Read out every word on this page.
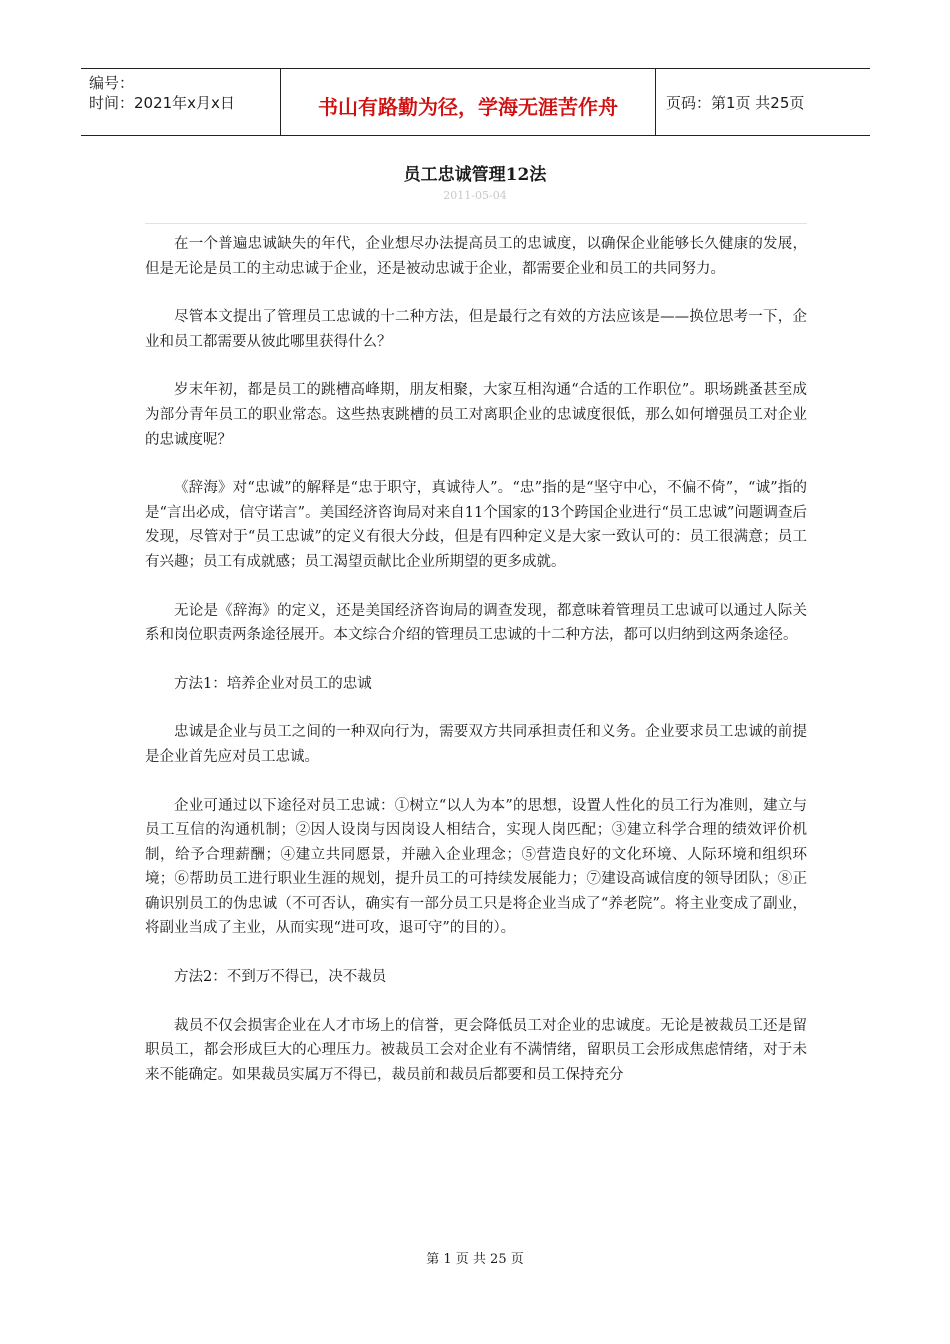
编号：
时间：2021年x月x日	书山有路勤为径，学海无涯苦作舟	页码：第1页 共25页
员工忠诚管理12法
2011-05-04

在一个普遍忠诚缺失的年代，企业想尽办法提高员工的忠诚度，以确保企业能够长久健康的发展，但是无论是员工的主动忠诚于企业，还是被动忠诚于企业，都需要企业和员工的共同努力。

尽管本文提出了管理员工忠诚的十二种方法，但是最行之有效的方法应该是——换位思考一下，企业和员工都需要从彼此哪里获得什么？

岁末年初，都是员工的跳槽高峰期，朋友相聚，大家互相沟通“合适的工作职位”。职场跳蚤甚至成为部分青年员工的职业常态。这些热衷跳槽的员工对离职企业的忠诚度很低，那么如何增强员工对企业的忠诚度呢？

《辞海》对“忠诚”的解释是“忠于职守，真诚待人”。“忠”指的是“坚守中心，不偏不倚”，“诚”指的是“言出必成，信守诺言”。美国经济咨询局对来自11个国家的13个跨国企业进行“员工忠诚”问题调查后发现，尽管对于“员工忠诚”的定义有很大分歧，但是有四种定义是大家一致认可的：员工很满意；员工有兴趣；员工有成就感；员工渴望贡献比企业所期望的更多成就。

无论是《辞海》的定义，还是美国经济咨询局的调查发现，都意味着管理员工忠诚可以通过人际关系和岗位职责两条途径展开。本文综合介绍的管理员工忠诚的十二种方法，都可以归纳到这两条途径。

方法1：培养企业对员工的忠诚

忠诚是企业与员工之间的一种双向行为，需要双方共同承担责任和义务。企业要求员工忠诚的前提是企业首先应对员工忠诚。

企业可通过以下途径对员工忠诚：①树立“以人为本”的思想，设置人性化的员工行为准则，建立与员工互信的沟通机制；②因人设岗与因岗设人相结合，实现人岗匹配；③建立科学合理的绩效评价机制，给予合理薪酬；④建立共同愿景，并融入企业理念；⑤营造良好的文化环境、人际环境和组织环境；⑥帮助员工进行职业生涯的规划，提升员工的可持续发展能力；⑦建设高诚信度的领导团队；⑧正确识别员工的伪忠诚（不可否认，确实有一部分员工只是将企业当成了“养老院”。将主业变成了副业，将副业当成了主业，从而实现“进可攻，退可守”的目的）。

方法2：不到万不得已，决不裁员

裁员不仅会损害企业在人才市场上的信誉，更会降低员工对企业的忠诚度。无论是被裁员工还是留职员工，都会形成巨大的心理压力。被裁员工会对企业有不满情绪，留职员工会形成焦虑情绪，对于未来不能确定。如果裁员实属万不得已，裁员前和裁员后都要和员工保持充分

第 1 页 共 25 页
